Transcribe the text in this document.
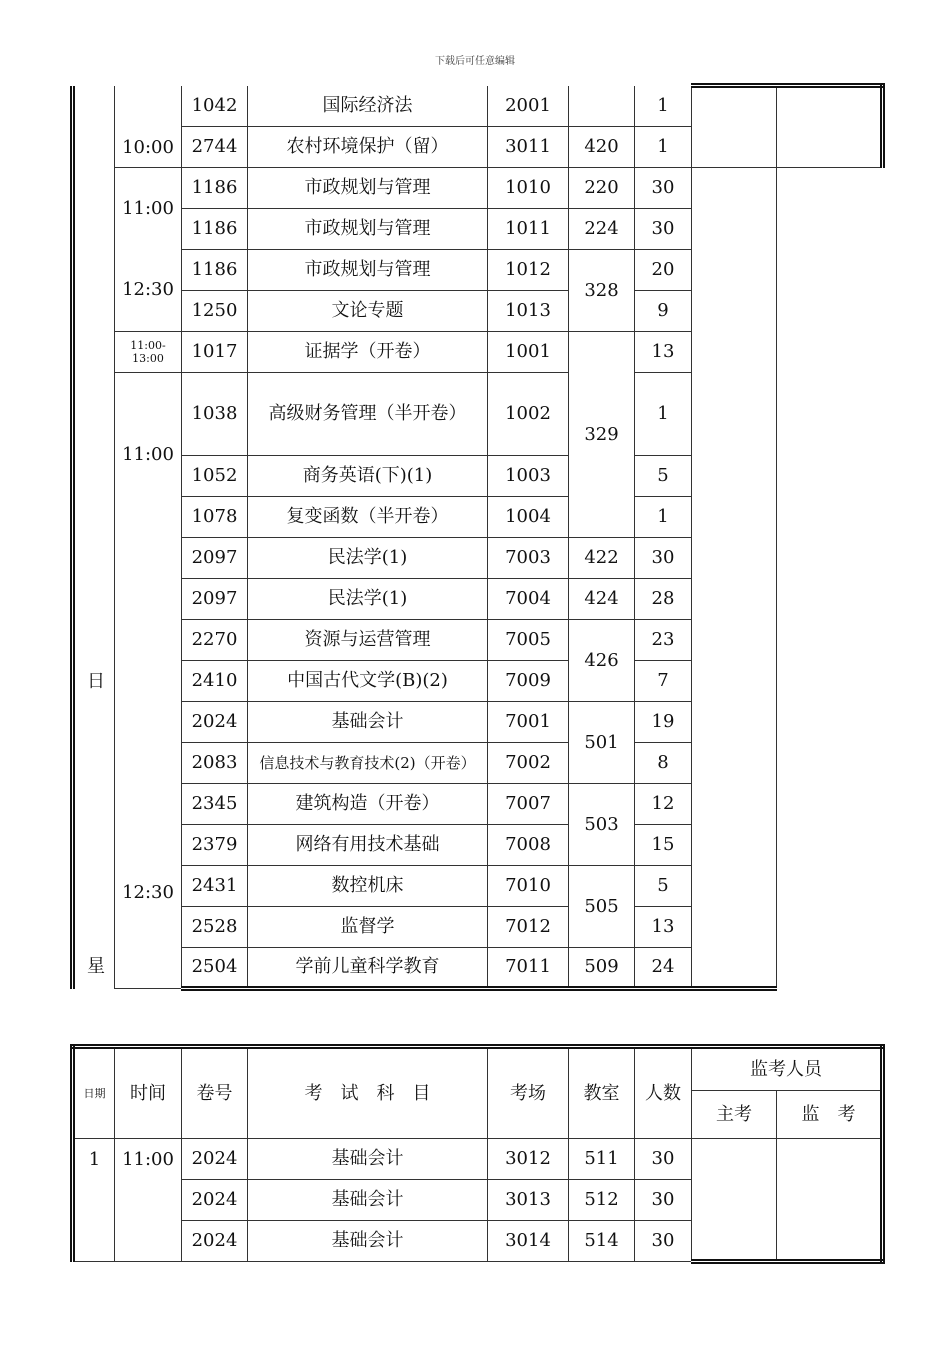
下载后可任意编辑
日
星	10:00	1042	国际经济法	2001		1		
		2744	农村环境保护（留）	3011	420	1		
	11:00	1186	市政规划与管理	1010	220	30		
		1186	市政规划与管理	1011	224	30		
	12:30	1186	市政规划与管理	1012	328	20		
		1250	文论专题	1013		9		
	11:00-13:00	1017	证据学（开卷）	1001	329	13		
	11:00	1038	高级财务管理（半开卷）	1002		1		
		1052	商务英语(下)(1)	1003		5		
		1078	复变函数（半开卷）	1004		1		
	12:30	2097	民法学(1)	7003	422	30		
		2097	民法学(1)	7004	424	28		
		2270	资源与运营管理	7005	426	23		
		2410	中国古代文学(B)(2)	7009		7		
		2024	基础会计	7001	501	19		
		2083	信息技术与教育技术(2)（开卷）	7002		8		
		2345	建筑构造（开卷）	7007	503	12		
		2379	网络有用技术基础	7008		15		
		2431	数控机床	7010	505	5		
		2528	监督学	7012		13		
		2504	学前儿童科学教育	7011	509	24		
日期	时间	卷号	考　试　科　目	考场	教室	人数	监考人员	
							主考	监　考
1	11:00	2024	基础会计	3012	511	30		
		2024	基础会计	3013	512	30		
		2024	基础会计	3014	514	30		
